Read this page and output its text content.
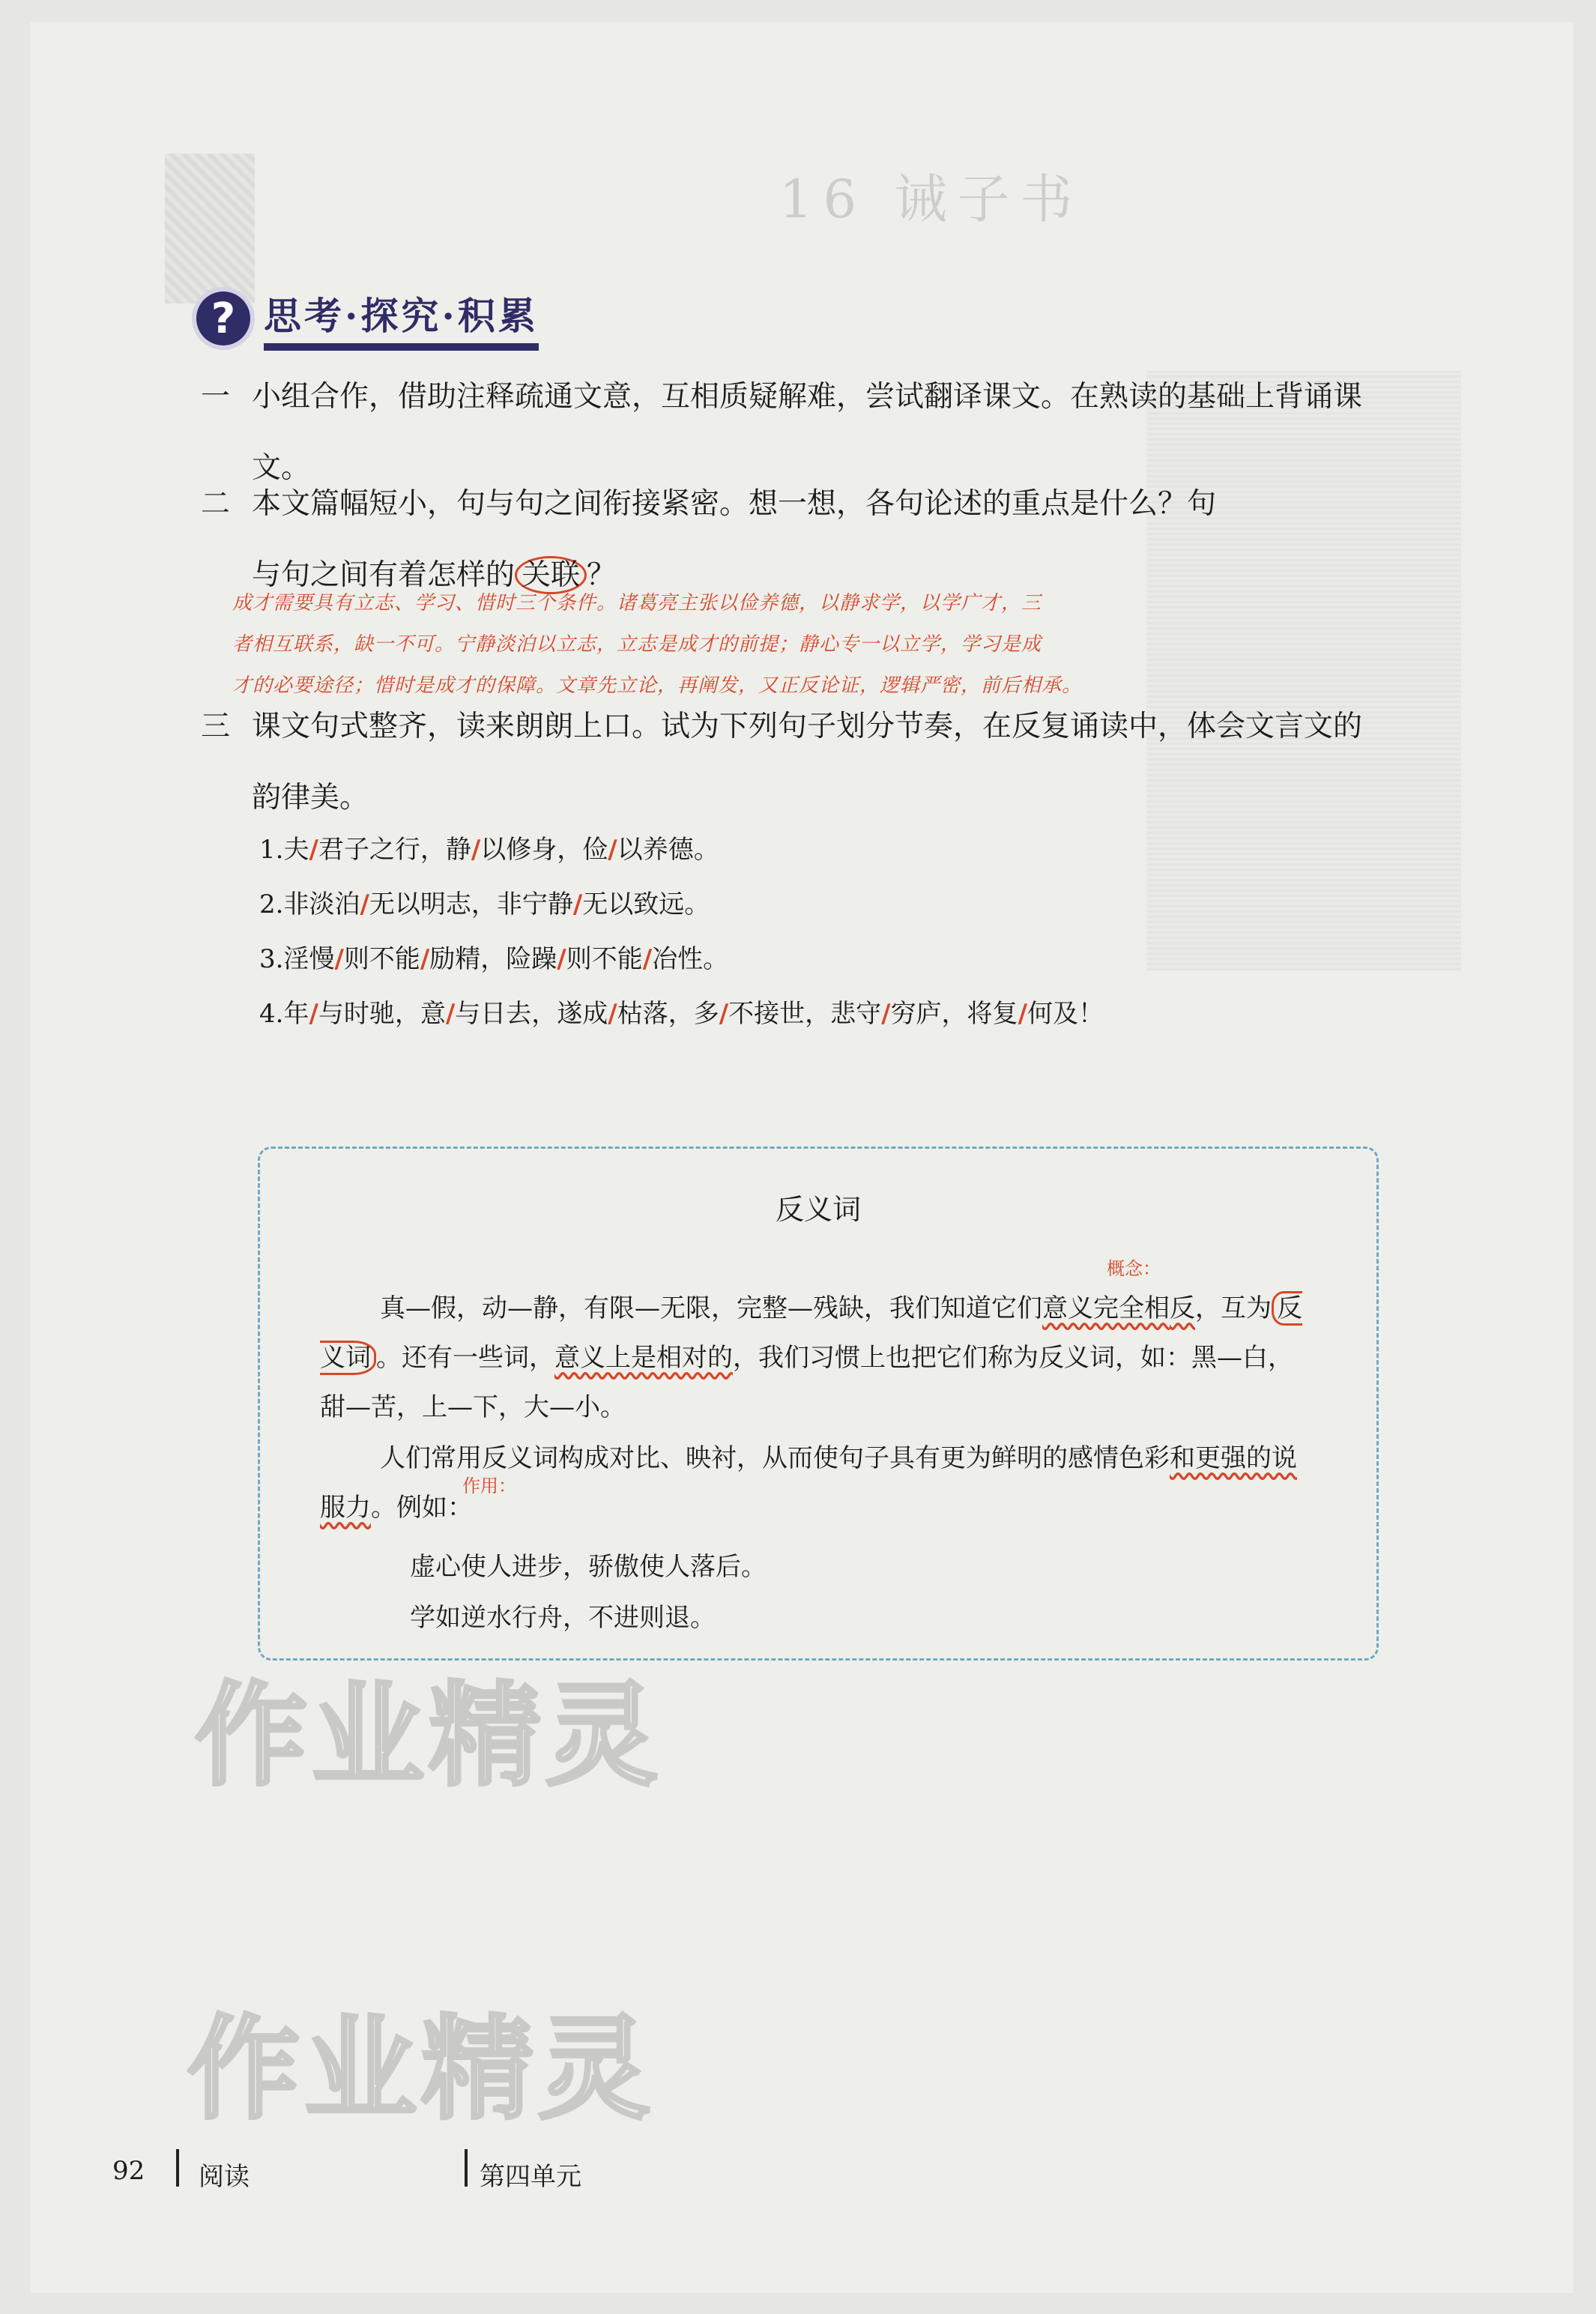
16 诫子书
? 思考·探究·积累
一 小组合作，借助注释疏通文意，互相质疑解难，尝试翻译课文。在熟读的基础上背诵课文。
二 本文篇幅短小，句与句之间衔接紧密。想一想，各句论述的重点是什么？句
与句之间有着怎样的 关联 ？
成才需要具有立志、学习、惜时三个条件。诸葛亮主张以俭养德，以静求学，以学广才，三
者相互联系，缺一不可。宁静淡泊以立志，立志是成才的前提；静心专一以立学，学习是成
才的必要途径；惜时是成才的保障。文章先立论，再阐发，又正反论证，逻辑严密，前后相承。
三 课文句式整齐，读来朗朗上口。试为下列句子划分节奏，在反复诵读中，体会文言文的韵律美。
1.夫/君子之行，静/以修身，俭/以养德。
2.非淡泊/无以明志，非宁静/无以致远。
3.淫慢/则不能/励精，险躁/则不能/冶性。
4.年/与时驰，意/与日去，遂成/枯落，多/不接世，悲守/穷庐，将复/何及！
反义词
概念：
真—假，动—静，有限—无限，完整—残缺，我们知道它们意义完全相反，互为 反义词 。还有一些词，意义上是相对的，我们习惯上也把它们称为反义词，如：黑—白，甜—苦，上—下，大—小。
作用：
人们常用反义词构成对比、映衬，从而使句子具有更为鲜明的感情色彩和更强的说服力。例如：
虚心使人进步，骄傲使人落后。
学如逆水行舟，不进则退。
作业精灵
作业精灵
92 阅读	第四单元
